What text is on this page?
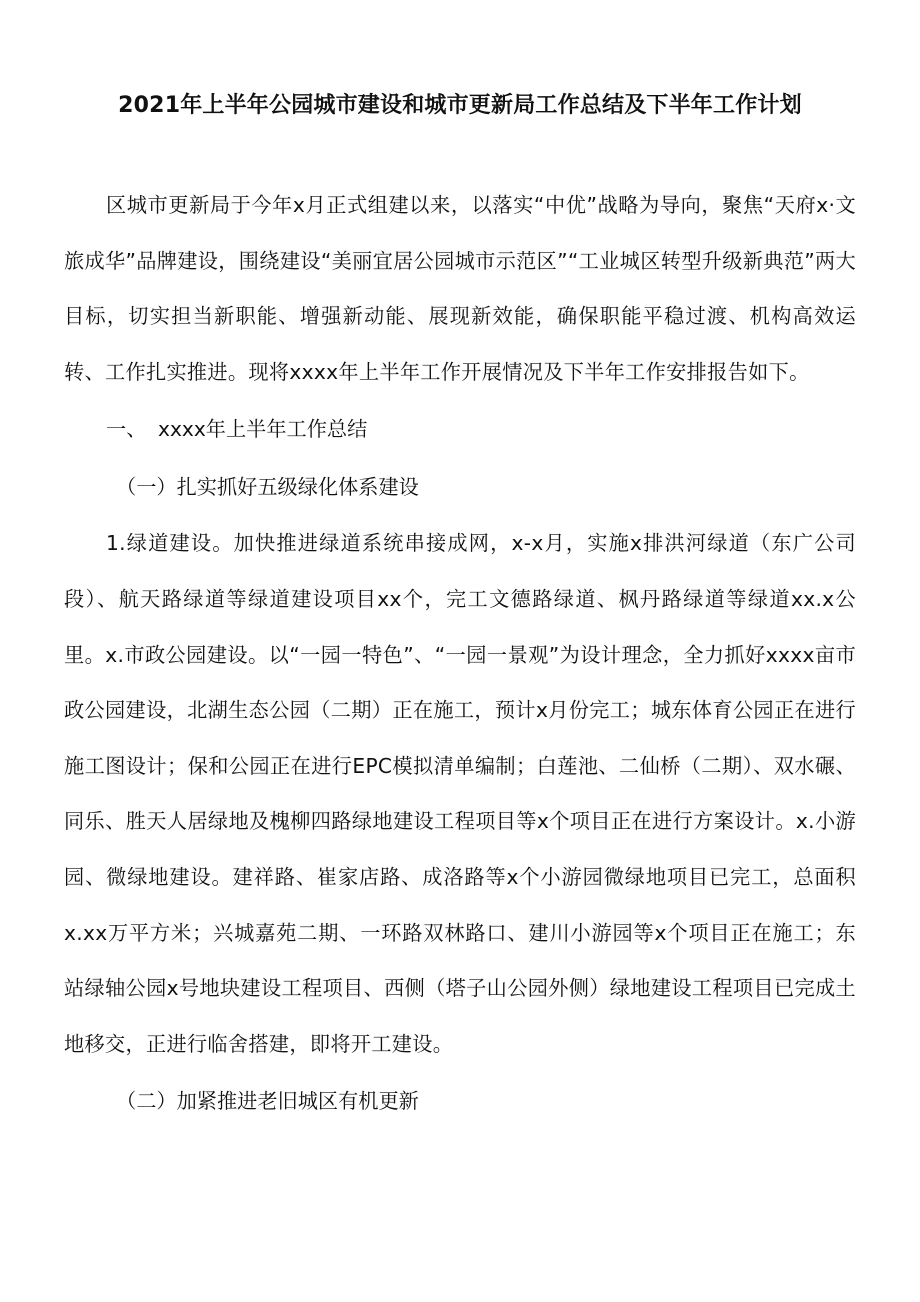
2021年上半年公园城市建设和城市更新局工作总结及下半年工作计划

区城市更新局于今年x月正式组建以来，以落实“中优”战略为导向，聚焦“天府x·文旅成华”品牌建设，围绕建设“美丽宜居公园城市示范区”“工业城区转型升级新典范”两大目标，切实担当新职能、增强新动能、展现新效能，确保职能平稳过渡、机构高效运转、工作扎实推进。现将xxxx年上半年工作开展情况及下半年工作安排报告如下。

一、 xxxx年上半年工作总结

（一）扎实抓好五级绿化体系建设

1.绿道建设。加快推进绿道系统串接成网，x-x月，实施x排洪河绿道（东广公司段）、航天路绿道等绿道建设项目xx个，完工文德路绿道、枫丹路绿道等绿道xx.x公里。x.市政公园建设。以“一园一特色”、“一园一景观”为设计理念，全力抓好xxxx亩市政公园建设，北湖生态公园（二期）正在施工，预计x月份完工；城东体育公园正在进行施工图设计；保和公园正在进行EPC模拟清单编制；白莲池、二仙桥（二期）、双水碾、同乐、胜天人居绿地及槐柳四路绿地建设工程项目等x个项目正在进行方案设计。x.小游园、微绿地建设。建祥路、崔家店路、成洛路等x个小游园微绿地项目已完工，总面积x.xx万平方米；兴城嘉苑二期、一环路双林路口、建川小游园等x个项目正在施工；东站绿轴公园x号地块建设工程项目、西侧（塔子山公园外侧）绿地建设工程项目已完成土地移交，正进行临舍搭建，即将开工建设。

（二）加紧推进老旧城区有机更新
